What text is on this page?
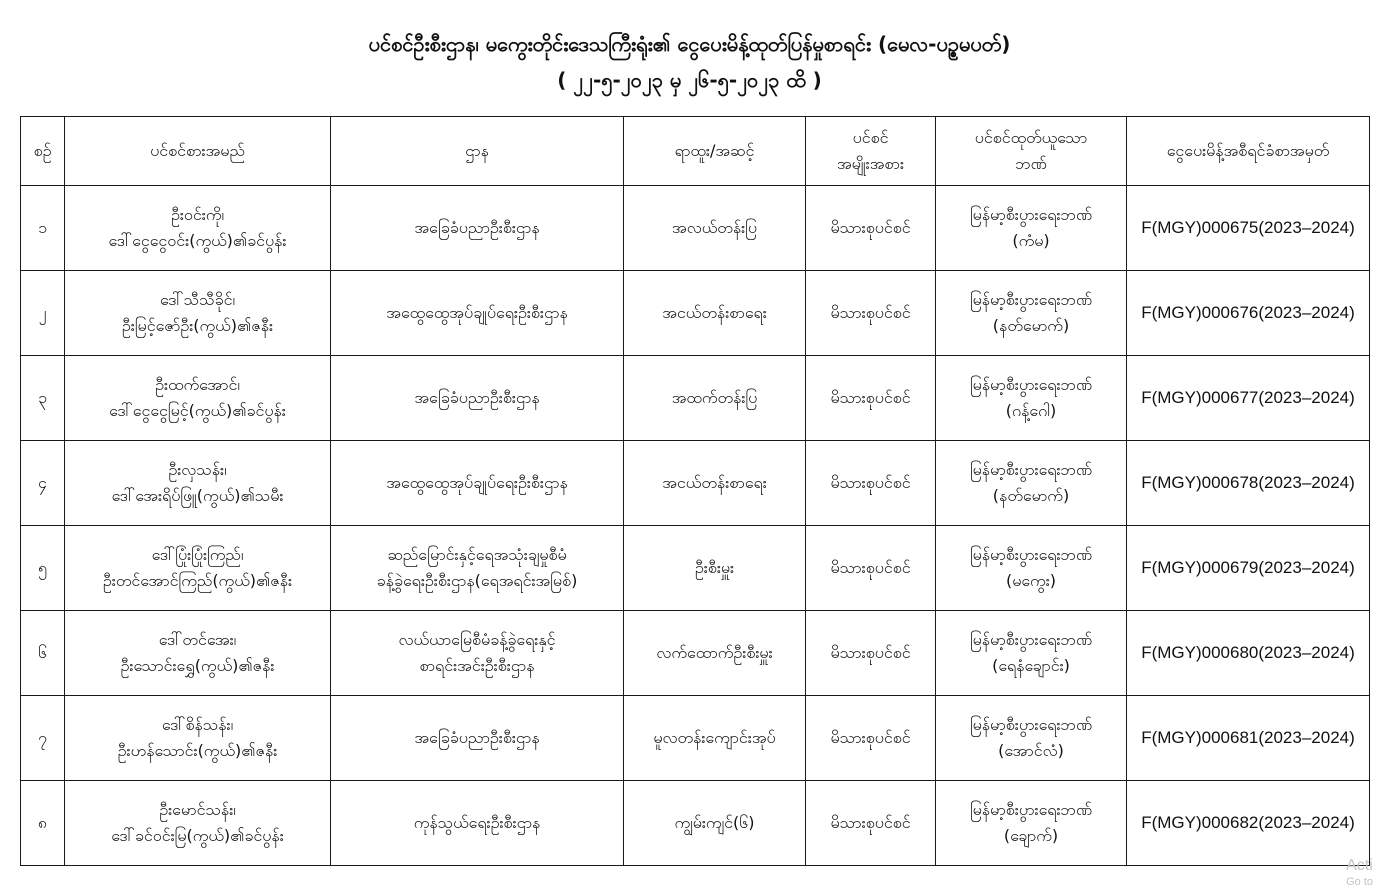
ပင်စင်ဦးစီးဌာန၊ မကွေးတိုင်းဒေသကြီးရုံး၏ ငွေပေးမိန့်ထုတ်ပြန်မှုစာရင်း (မေလ-ပဥ္စမပတ်)
( ၂၂-၅-၂၀၂၃ မှ ၂၆-၅-၂၀၂၃ ထိ )
စဉ်	ပင်စင်စားအမည်	ဌာန	ရာထူး/အဆင့်	ပင်စင်
အမျိုးအစား	ပင်စင်ထုတ်ယူသော
ဘဏ်	ငွေပေးမိန့်အစီရင်ခံစာအမှတ်

၁	ဦးဝင်းကို၊
ဒေါ်ငွေငွေဝင်း(ကွယ်)၏ခင်ပွန်း	အခြေခံပညာဦးစီးဌာန	အလယ်တန်းပြ	မိသားစုပင်စင်	မြန်မာ့စီးပွားရေးဘဏ်
(ကံမ)	F(MGY)000675(2023–2024)

၂	ဒေါ်သီသီခိုင်၊
ဦးမြင့်ဇော်ဦး(ကွယ်)၏ဇနီး	အထွေထွေအုပ်ချုပ်ရေးဦးစီးဌာန	အငယ်တန်းစာရေး	မိသားစုပင်စင်	မြန်မာ့စီးပွားရေးဘဏ်
(နတ်မောက်)	F(MGY)000676(2023–2024)

၃	ဦးထက်အောင်၊
ဒေါ်ငွေငွေမြင့်(ကွယ်)၏ခင်ပွန်း	အခြေခံပညာဦးစီးဌာန	အထက်တန်းပြ	မိသားစုပင်စင်	မြန်မာ့စီးပွားရေးဘဏ်
(ဂန့်ဂေါ)	F(MGY)000677(2023–2024)

၄	ဦးလှသန်း၊
ဒေါ်အေးရိပ်ဖြူ(ကွယ်)၏သမီး	အထွေထွေအုပ်ချုပ်ရေးဦးစီးဌာန	အငယ်တန်းစာရေး	မိသားစုပင်စင်	မြန်မာ့စီးပွားရေးဘဏ်
(နတ်မောက်)	F(MGY)000678(2023–2024)

၅	ဒေါ်ပြုံးပြုံးကြည်၊
ဦးတင်အောင်ကြည်(ကွယ်)၏ဇနီး	ဆည်မြောင်းနှင့်ရေအသုံးချမှုစီမံ
ခန့်ခွဲရေးဦးစီးဌာန(ရေအရင်းအမြစ်)	ဦးစီးမှူး	မိသားစုပင်စင်	မြန်မာ့စီးပွားရေးဘဏ်
(မကွေး)	F(MGY)000679(2023–2024)

၆	ဒေါ်တင်အေး၊
ဦးသောင်းရွှေ(ကွယ်)၏ဇနီး	လယ်ယာမြေစီမံခန့်ခွဲရေးနှင့်
စာရင်းအင်းဦးစီးဌာန	လက်ထောက်ဦးစီးမှူး	မိသားစုပင်စင်	မြန်မာ့စီးပွားရေးဘဏ်
(ရေနံချောင်း)	F(MGY)000680(2023–2024)

၇	ဒေါ်စိန်သန်း၊
ဦးဟန်သောင်း(ကွယ်)၏ဇနီး	အခြေခံပညာဦးစီးဌာန	မူလတန်းကျောင်းအုပ်	မိသားစုပင်စင်	မြန်မာ့စီးပွားရေးဘဏ်
(အောင်လံ)	F(MGY)000681(2023–2024)

၈	ဦးမောင်သန်း၊
ဒေါ်ခင်ဝင်းမြ(ကွယ်)၏ခင်ပွန်း	ကုန်သွယ်ရေးဦးစီးဌာန	ကျွမ်းကျင်(၆)	မိသားစုပင်စင်	မြန်မာ့စီးပွားရေးဘဏ်
(ချောက်)	F(MGY)000682(2023–2024)
Acti
Go to
